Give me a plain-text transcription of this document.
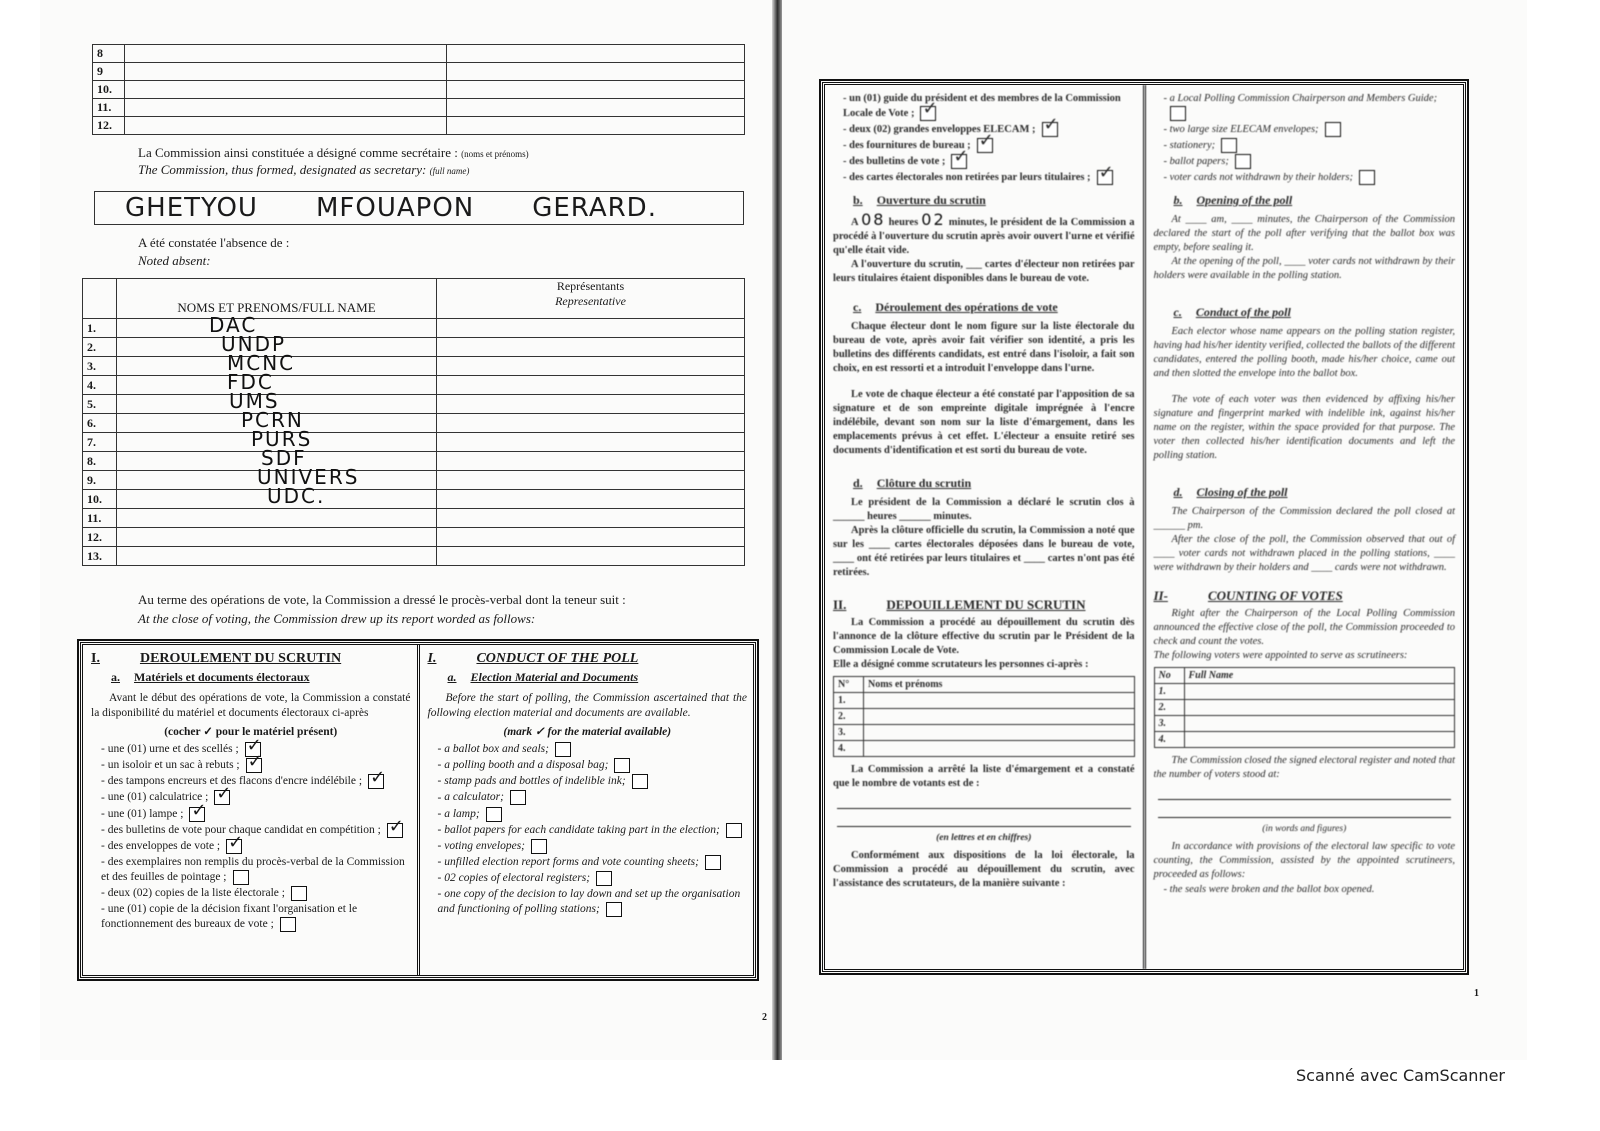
2
8		
9		
10.		
11.		
12.		
La Commission ainsi constituée a désigné comme secrétaire : (noms et prénoms)
The Commission, thus formed, designated as secretary: (full name)
GHETYOU MFOUAPON GERARD.
A été constatée l'absence de :
Noted absent:
	NOMS ET PRENOMS/FULL NAME	Représentants
Representative

1.	DAC	

2.	UNDP	

3.	MCNC	

4.	FDC	

5.	UMS	

6.	PCRN	

7.	PURS	

8.	SDF	

9.	UNIVERS	

10.	UDC.	

11.		
12.		
13.		
Au terme des opérations de vote, la Commission a dressé le procès-verbal dont la teneur suit :
At the close of voting, the Commission drew up its report worded as follows:
I.	DEROULEMENT DU SCRUTIN
a. Matériels et documents électoraux

Avant le début des opérations de vote, la Commission a constaté la disponibilité du matériel et documents électoraux ci-après

(cocher ✓ pour le matériel présent)
- une (01) urne et des scellés ;✓
- un isoloir et un sac à rebuts ;✓
- des tampons encreurs et des flacons d'encre indélébile ;✓
- une (01) calculatrice ;✓
- une (01) lampe ;✓
- des bulletins de vote pour chaque candidat en compétition ;✓
- des enveloppes de vote ;✓
- des exemplaires non remplis du procès-verbal de la Commission et des feuilles de pointage ;
- deux (02) copies de la liste électorale ;
- une (01) copie de la décision fixant l'organisation et le fonctionnement des bureaux de vote ;
I.	CONDUCT OF THE POLL
a. Election Material and Documents

Before the start of polling, the Commission ascertained that the following election material and documents are available.

(mark ✓ for the material available)
- a ballot box and seals;
- a polling booth and a disposal bag;
- stamp pads and bottles of indelible ink;
- a calculator;
- a lamp;
- ballot papers for each candidate taking part in the election;
- voting envelopes;
- unfilled election report forms and vote counting sheets;
- 02 copies of electoral registers;
- one copy of the decision to lay down and set up the organisation and functioning of polling stations;
1
- un (01) guide du président et des membres de la Commission Locale de Vote ;✓
- deux (02) grandes enveloppes ELECAM ;✓
- des fournitures de bureau ;✓
- des bulletins de vote ;✓
- des cartes électorales non retirées par leurs titulaires ;✓
b. Ouverture du scrutin

A 08 heures 02 minutes, le président de la Commission a procédé à l'ouverture du scrutin après avoir ouvert l'urne et vérifié qu'elle était vide.

A l'ouverture du scrutin, ___ cartes d'électeur non retirées par leurs titulaires étaient disponibles dans le bureau de vote.

c. Déroulement des opérations de vote

Chaque électeur dont le nom figure sur la liste électorale du bureau de vote, après avoir fait vérifier son identité, a pris les bulletins des différents candidats, est entré dans l'isoloir, a fait son choix, en est ressorti et a introduit l'enveloppe dans l'urne.

Le vote de chaque électeur a été constaté par l'apposition de sa signature et de son empreinte digitale imprégnée à l'encre indélébile, devant son nom sur la liste d'émargement, dans les emplacements prévus à cet effet. L'électeur a ensuite retiré ses documents d'identification et est sorti du bureau de vote.

d. Clôture du scrutin

Le président de la Commission a déclaré le scrutin clos à ______ heures ______ minutes.

Après la clôture officielle du scrutin, la Commission a noté que sur les ____ cartes électorales déposées dans le bureau de vote, ____ ont été retirées par leurs titulaires et ____ cartes n'ont pas été retirées.

II.	DEPOUILLEMENT DU SCRUTIN

La Commission a procédé au dépouillement du scrutin dès l'annonce de la clôture effective du scrutin par le Président de la Commission Locale de Vote.

Elle a désigné comme scrutateurs les personnes ci-après :
N°	Noms et prénoms
1.	
2.	
3.	
4.	

La Commission a arrêté la liste d'émargement et a constaté que le nombre de votants est de :

(en lettres et en chiffres)

Conformément aux dispositions de la loi électorale, la Commission a procédé au dépouillement du scrutin, avec l'assistance des scrutateurs, de la manière suivante :

- a Local Polling Commission Chairperson and Members Guide;
- two large size ELECAM envelopes;
- stationery;
- ballot papers;
- voter cards not withdrawn by their holders;
b. Opening of the poll

At ____ am, ____ minutes, the Chairperson of the Commission declared the start of the poll after verifying that the ballot box was empty, before sealing it.

At the opening of the poll, ____ voter cards not withdrawn by their holders were available in the polling station.

c. Conduct of the poll

Each elector whose name appears on the polling station register, having had his/her identity verified, collected the ballots of the different candidates, entered the polling booth, made his/her choice, came out and then slotted the envelope into the ballot box.

The vote of each voter was then evidenced by affixing his/her signature and fingerprint marked with indelible ink, against his/her name on the register, within the space provided for that purpose. The voter then collected his/her identification documents and left the polling station.

d. Closing of the poll

The Chairperson of the Commission declared the poll closed at ______ pm.

After the close of the poll, the Commission observed that out of ____ voter cards not withdrawn placed in the polling stations, ____ were withdrawn by their holders and ____ cards were not withdrawn.

II-	COUNTING OF VOTES

Right after the Chairperson of the Local Polling Commission announced the effective close of the poll, the Commission proceeded to check and count the votes.

The following voters were appointed to serve as scrutineers:
No	Full Name
1.	
2.	
3.	
4.	

The Commission closed the signed electoral register and noted that the number of voters stood at:

(in words and figures)

In accordance with provisions of the electoral law specific to vote counting, the Commission, assisted by the appointed scrutineers, proceeded as follows:

- the seals were broken and the ballot box opened.
Scanné avec CamScanner
